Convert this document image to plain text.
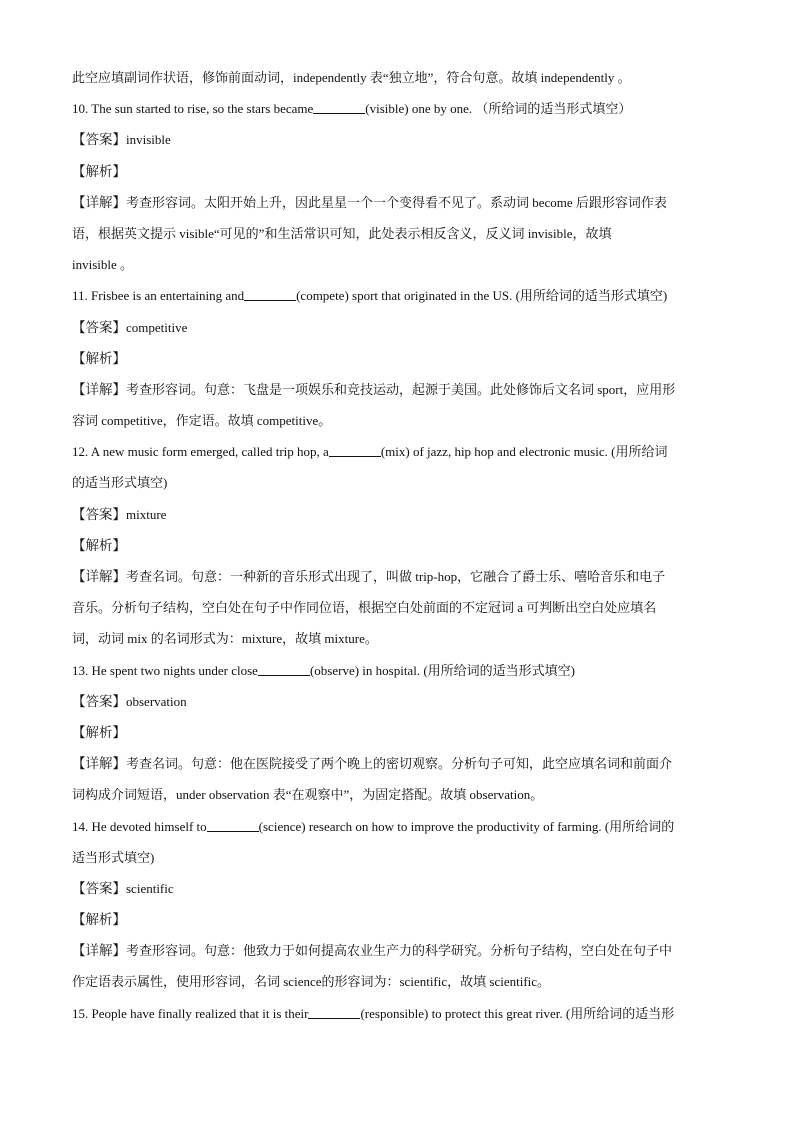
此空应填副词作状语，修饰前面动词，independently 表“独立地”，符合句意。故填 independently 。
10. The sun started to rise, so the stars became	(visible) one by one. （所给词的适当形式填空）
【答案】invisible
【解析】
【详解】考查形容词。太阳开始上升，因此星星一个一个变得看不见了。系动词 become 后跟形容词作表
语，根据英文提示 visible“可见的”和生活常识可知，此处表示相反含义，反义词 invisible，故填
invisible 。
11. Frisbee is an entertaining and	(compete) sport that originated in the US. (用所给词的适当形式填空)
【答案】competitive
【解析】
【详解】考查形容词。句意：飞盘是一项娱乐和竞技运动，起源于美国。此处修饰后文名词 sport，应用形
容词 competitive，作定语。故填 competitive。
12. A new music form emerged, called trip hop, a	(mix) of jazz, hip hop and electronic music. (用所给词
的适当形式填空)
【答案】mixture
【解析】
【详解】考查名词。句意：一种新的音乐形式出现了，叫做 trip-hop，它融合了爵士乐、嘻哈音乐和电子
音乐。分析句子结构，空白处在句子中作同位语，根据空白处前面的不定冠词 a 可判断出空白处应填名
词，动词 mix 的名词形式为：mixture，故填 mixture。
13. He spent two nights under close	(observe) in hospital. (用所给词的适当形式填空)
【答案】observation
【解析】
【详解】考查名词。句意：他在医院接受了两个晚上的密切观察。分析句子可知，此空应填名词和前面介
词构成介词短语，under observation 表“在观察中”，为固定搭配。故填 observation。
14. He devoted himself to	(science) research on how to improve the productivity of farming. (用所给词的
适当形式填空)
【答案】scientific
【解析】
【详解】考查形容词。句意：他致力于如何提高农业生产力的科学研究。分析句子结构，空白处在句子中
作定语表示属性，使用形容词，名词 science的形容词为：scientific，故填 scientific。
15. People have finally realized that it is their	(responsible) to protect this great river. (用所给词的适当形
